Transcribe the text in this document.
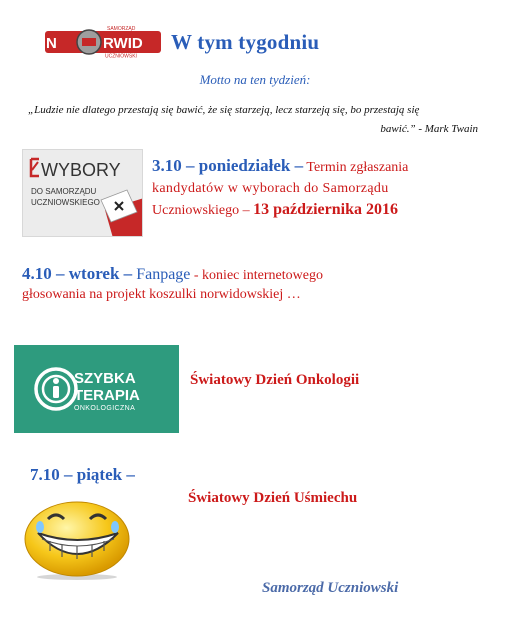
N	RWID
SAMORZĄD
UCZNIOWSKI
W tym tygodniu
Motto na ten tydzień:
„Ludzie nie dlatego przestają się bawić, że się starzeją, lecz starzeją się, bo przestają się
bawić.” - Mark Twain
WYBORY
DO SAMORZĄDU
UCZNIOWSKIEGO
3.10 – poniedziałek – Termin zgłaszania
kandydatów w wyborach do Samorządu
Uczniowskiego – 13 października 2016
4.10 – wtorek – Fanpage - koniec internetowego
głosowania na projekt koszulki norwidowskiej …
SZYBKA
TERAPIA
ONKOLOGICZNA
Światowy Dzień Onkologii
7.10 – piątek –
Światowy Dzień Uśmiechu
Samorząd Uczniowski
